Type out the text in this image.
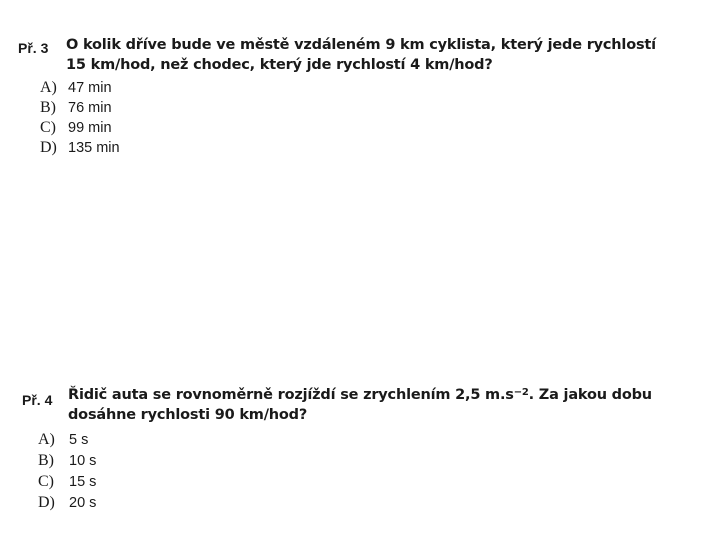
Př. 3 O kolik dříve bude ve městě vzdáleném 9 km cyklista, který jede rychlostí
15 km/hod, než chodec, který jde rychlostí 4 km/hod?
A) 47 min
B) 76 min
C) 99 min
D) 135 min
Př. 4 Řidič auta se rovnoměrně rozjíždí se zrychlením 2,5 $m.s^{-2}$. Za jakou dobu
dosáhne rychlosti 90 km/hod?
A) 5 s
B)	10 s
C)	15 s
D) 20 s
